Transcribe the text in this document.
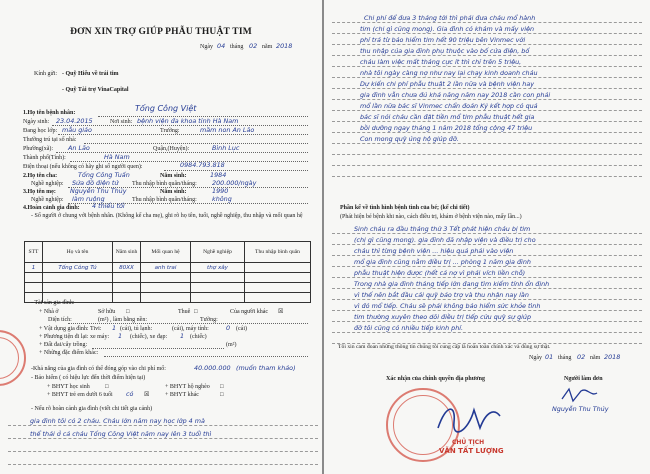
ĐƠN XIN TRỢ GIÚP PHẪU THUẬT TIM
Ngày 04 tháng 02 năm 2018
Kính gửi: - Quỹ Hiểu về trái tim
- Quỹ Tài trợ VinaCapital
1.Họ tên bệnh nhân:	Tống Công Việt
Ngày sinh: 23.04.2015	Nơi sinh: bệnh viện đa khoa tỉnh Hà Nam
Đang học lớp: mẫu giáo	Trường:	mầm non An Lão
Thường trú tại số nhà:
Phường(xã): An Lão	Quận,(Huyện):	Bình Lục
Thành phố(Tỉnh):	Hà Nam
Điện thoại (nếu không có hãy ghi số người quen):	0984.793.818
2.Họ tên cha:	Tống Công Tuấn	Năm sinh:	1984
Nghề nghiệp: Sửa đồ điện tử Thu nhập bình quân/tháng: 200.000/ngày
3.Họ tên mẹ: Nguyễn Thu Thủy	Năm sinh:	1990
Nghề nghiệp: làm ruộng	Thu nhập bình quân/tháng: không
4.Hoàn cảnh gia đình: 4 thiếu tối
- Số người ở chung với bệnh nhân. (Không kể cha mẹ), ghi rõ họ tên, tuổi, nghề nghiệp, thu nhập và mối quan hệ
STT	Họ và tên	Năm sinh	Mối quan hệ	Nghề nghiệp	Thu nhập bình quân
1	Tống Công Tú	80XX	anh trai	thợ xây	

- Tài sản gia đình:
+ Nhà ở	Sở hữu □	Thuê □	Của người khác ☒
Diện tích:	(m²) , làm bằng nền:	Tường:
+ Vật dụng gia đình: Tivi: 1 (cái), tủ lạnh:	(cái), máy tính:	0 (cái)
+ Phương tiện đi lại: xe máy: 1 (chiếc), xe đạp: 1 (chiếc)
+ Đất đai/cây trồng:	(m²)
+ Những đặc điểm khác:
-Khả năng của gia đình có thể đóng góp vào chi phí mổ:	40.000.000 (muốn tham khảo)
- Bảo hiểm ( có hiệu lực đến thời điểm hiện tại)
+ BHYT học sinh	□	+ BHYT hộ nghèo □
+ BHYT trẻ em dưới 6 tuổi có ☒	+ BHYT khác	□
- Nếu rõ hoàn cảnh gia đình (viết chi tiết gia cảnh)
gia đình tôi có 2 cháu. Cháu lớn năm nay học lớp 4 mà
thể thái ở cả cháu Tống Công Việt năm nay lên 3 tuổi thì
Chi phí để đưa 3 tháng tới thì phải đưa cháu mổ hành
tim (chi gì cũng mong). Gia đình có khám và mấy viện
phí trả từ bảo hiểm tim hết 90 triệu bên Vinmec với
thu nhập của gia đình phụ thuộc vào bố cửa điện, bố
cháu làm việc mất tháng cực ít thì chỉ trên 5 triệu,
nhà tôi ngày càng nợ như nay lại chạy kinh doanh cháu
Dự kiến chi phí phẫu thuật 2 lần nữa và bệnh viện hay
gia đình vẫn chưa đủ khả năng năm nay 2018 cần con phải
mổ lần nữa bác sĩ Vinmec chẩn đoán Ký kết hợp có quả
bác sĩ nói cháu cần đặt tiền mổ tim phẫu thuật hết gia
bồi dưỡng ngay tháng 1 năm 2018 tổng cộng 47 triệu
Con mong quỹ ủng hộ giúp đỡ.
Phần kể về tình hình bệnh tình của bé; (kể chi tiết)
(Phát hiện bé bệnh khi nào, cách điều trị, khám ở bệnh viện nào, mấy lần...)
Sinh cháu ra đầu tháng thứ 3 Tết phát hiện cháu bị tim
(chị gì cũng mong). gia đình đã nhập viện và điều trị cho
cháu thì từng bệnh viện ... hiệu quả phải vào viện
mổ gia đình cũng nằm điều trị ... phòng 1 năm gia đình
phẫu thuật hiện được (hết cả nợ vì phải vích liền chỗ)
Trong nhà gia đình tháng tiếp lớn đang tìm kiếm tính ổn định
vì thế nên bắt đầu cái quỹ bảo trợ và thu nhận nay lần
vì đó mổ tiếp. Cháu sẽ phải không bảo hiểm sức khỏe tình
tim thường xuyên theo dõi điều trị tiếp cứu quỹ sự giúp
đỡ tôi cũng có nhiều tiếp kinh phí.
Tôi xin cam đoan những thông tin chúng tôi cung cấp là hoàn toàn chính xác và đúng sự thật.
Ngày 01 tháng 02 năm 2018
Xác nhận của chính quyền địa phương	Người làm đơn
CHỦ TỊCH
VĂN TẤT LƯỢNG
Nguyễn Thu Thủy
